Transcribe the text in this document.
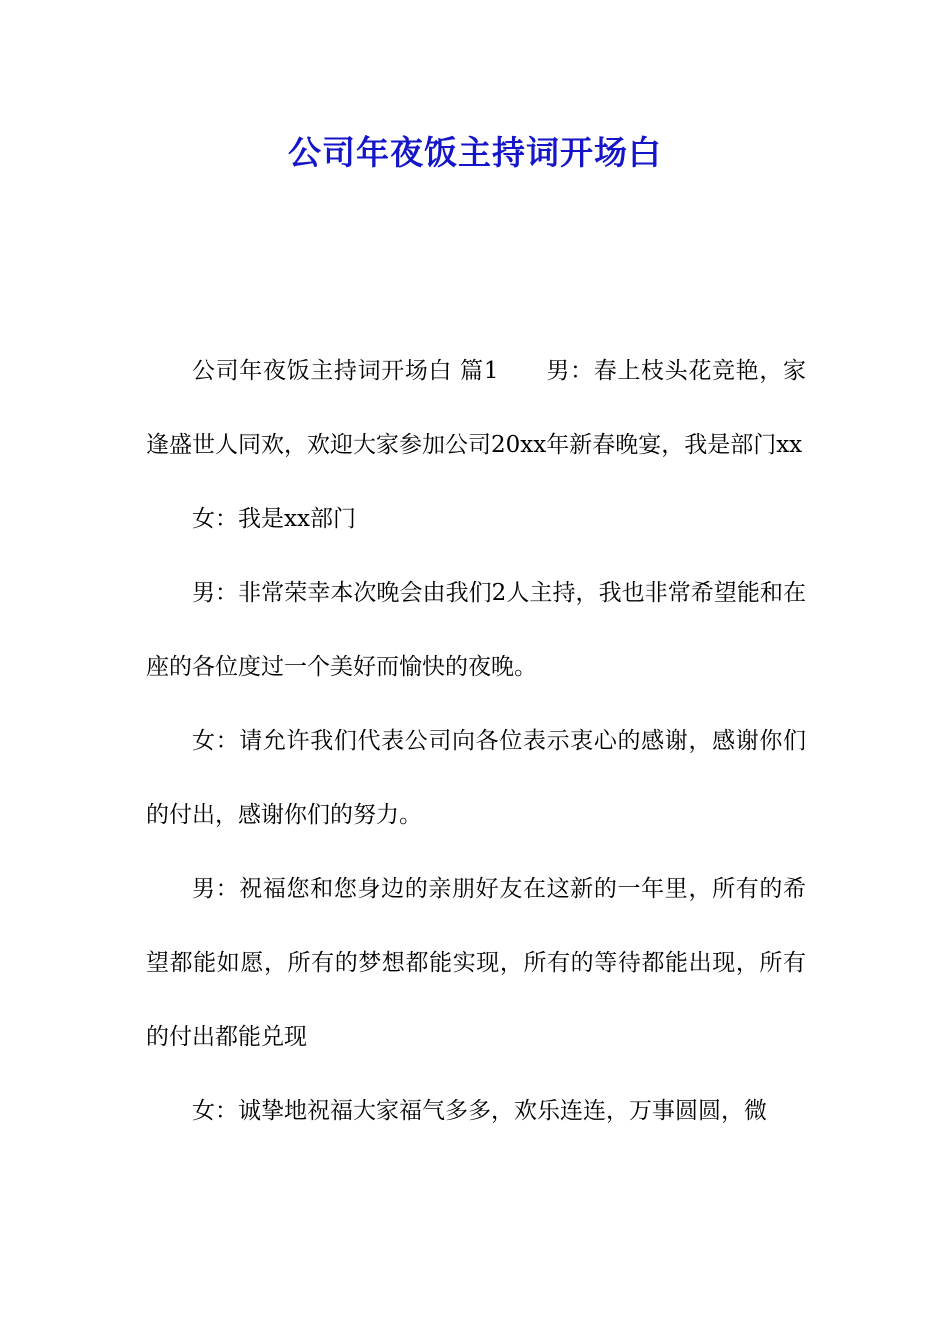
公司年夜饭主持词开场白

公司年夜饭主持词开场白 篇1　　男：春上枝头花竞艳，家逢盛世人同欢，欢迎大家参加公司20xx年新春晚宴，我是部门xx

女：我是xx部门

男：非常荣幸本次晚会由我们2人主持，我也非常希望能和在座的各位度过一个美好而愉快的夜晚。

女：请允许我们代表公司向各位表示衷心的感谢，感谢你们的付出，感谢你们的努力。

男：祝福您和您身边的亲朋好友在这新的一年里，所有的希望都能如愿，所有的梦想都能实现，所有的等待都能出现，所有的付出都能兑现

女：诚挚地祝福大家福气多多，欢乐连连，万事圆圆，微
